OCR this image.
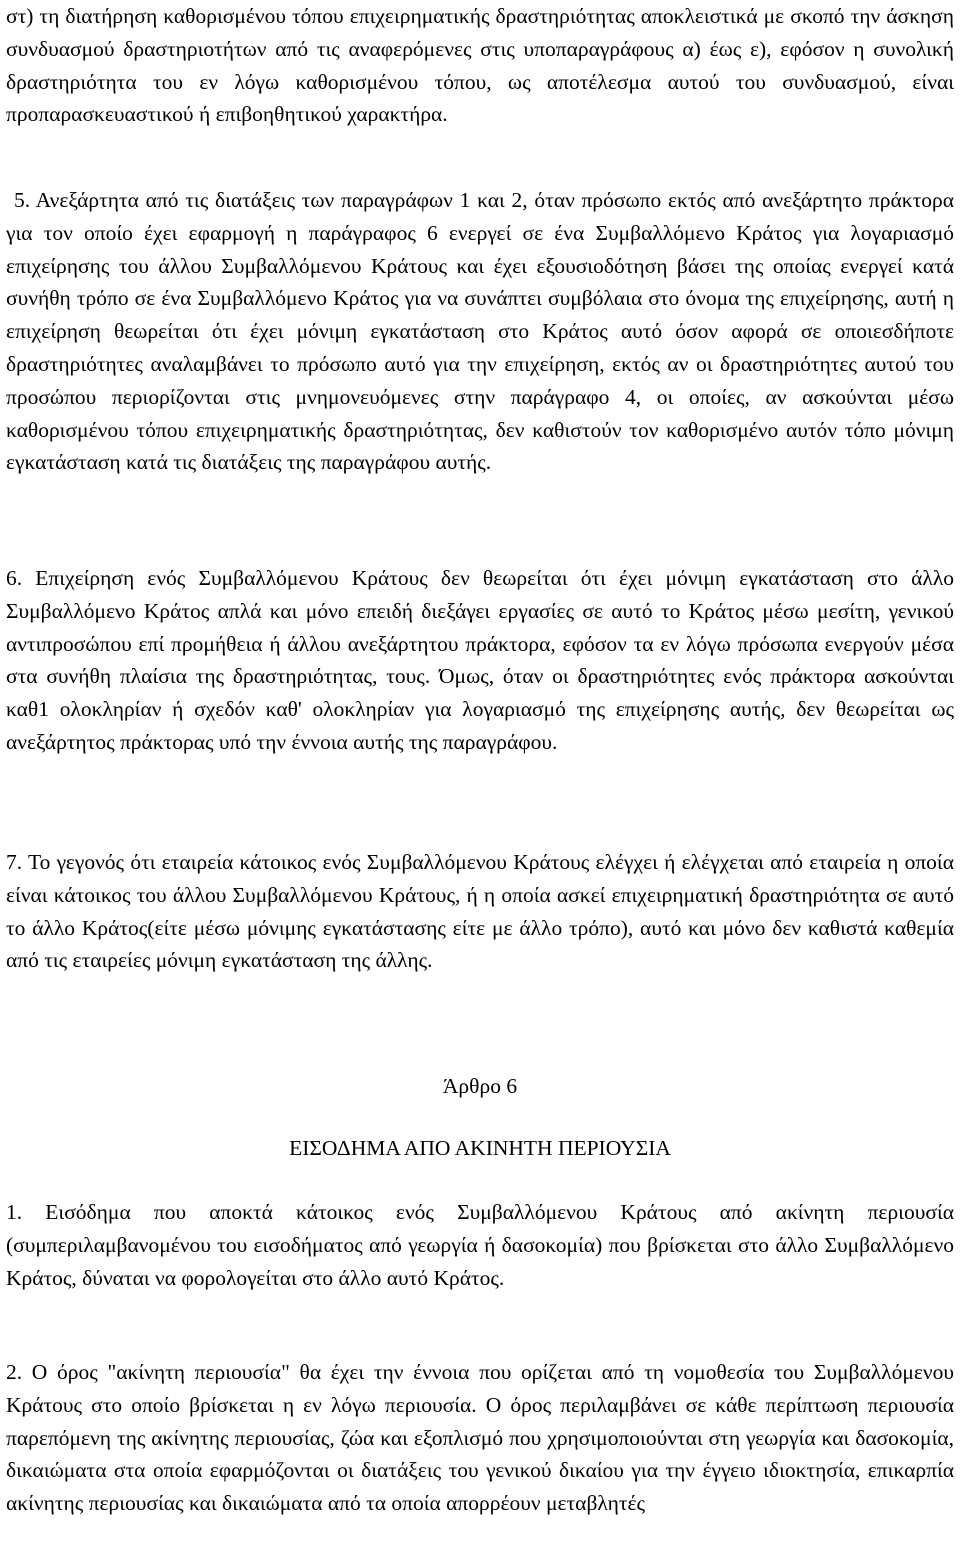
στ) τη διατήρηση καθορισμένου τόπου επιχειρηματικής δραστηριότητας αποκλειστικά με σκοπό την άσκηση συνδυασμού δραστηριοτήτων από τις αναφερόμενες στις υποπαραγράφους α) έως ε), εφόσον η συνολική δραστηριότητα του εν λόγω καθορισμένου τόπου, ως αποτέλεσμα αυτού του συνδυασμού, είναι προπαρασκευαστικού ή επιβοηθητικού χαρακτήρα.

5. Ανεξάρτητα από τις διατάξεις των παραγράφων 1 και 2, όταν πρόσωπο εκτός από ανεξάρτητο πράκτορα για τον οποίο έχει εφαρμογή η παράγραφος 6 ενεργεί σε ένα Συμβαλλόμενο Κράτος για λογαριασμό επιχείρησης του άλλου Συμβαλλόμενου Κράτους και έχει εξουσιοδότηση βάσει της οποίας ενεργεί κατά συνήθη τρόπο σε ένα Συμβαλλόμενο Κράτος για να συνάπτει συμβόλαια στο όνομα της επιχείρησης, αυτή η επιχείρηση θεωρείται ότι έχει μόνιμη εγκατάσταση στο Κράτος αυτό όσον αφορά σε οποιεσδήποτε δραστηριότητες αναλαμβάνει το πρόσωπο αυτό για την επιχείρηση, εκτός αν οι δραστηριότητες αυτού του προσώπου περιορίζονται στις μνημονευόμενες στην παράγραφο 4, οι οποίες, αν ασκούνται μέσω καθορισμένου τόπου επιχειρηματικής δραστηριότητας, δεν καθιστούν τον καθορισμένο αυτόν τόπο μόνιμη εγκατάσταση κατά τις διατάξεις της παραγράφου αυτής.

6. Επιχείρηση ενός Συμβαλλόμενου Κράτους δεν θεωρείται ότι έχει μόνιμη εγκατάσταση στο άλλο Συμβαλλόμενο Κράτος απλά και μόνο επειδή διεξάγει εργασίες σε αυτό το Κράτος μέσω μεσίτη, γενικού αντιπροσώπου επί προμήθεια ή άλλου ανεξάρτητου πράκτορα, εφόσον τα εν λόγω πρόσωπα ενεργούν μέσα στα συνήθη πλαίσια της δραστηριότητας, τους. Όμως, όταν οι δραστηριότητες ενός πράκτορα ασκούνται καθ1 ολοκληρίαν ή σχεδόν καθ' ολοκληρίαν για λογαριασμό της επιχείρησης αυτής, δεν θεωρείται ως ανεξάρτητος πράκτορας υπό την έννοια αυτής της παραγράφου.

7. Το γεγονός ότι εταιρεία κάτοικος ενός Συμβαλλόμενου Κράτους ελέγχει ή ελέγχεται από εταιρεία η οποία είναι κάτοικος του άλλου Συμβαλλόμενου Κράτους, ή η οποία ασκεί επιχειρηματική δραστηριότητα σε αυτό το άλλο Κράτος(είτε μέσω μόνιμης εγκατάστασης είτε με άλλο τρόπο), αυτό και μόνο δεν καθιστά καθεμία από τις εταιρείες μόνιμη εγκατάσταση της άλλης.

Άρθρο 6
ΕΙΣΟΔΗΜΑ ΑΠΟ ΑΚΙΝΗΤΗ ΠΕΡΙΟΥΣΙΑ

1. Εισόδημα που αποκτά κάτοικος ενός Συμβαλλόμενου Κράτους από ακίνητη περιουσία (συμπεριλαμβανομένου του εισοδήματος από γεωργία ή δασοκομία) που βρίσκεται στο άλλο Συμβαλλόμενο Κράτος, δύναται να φορολογείται στο άλλο αυτό Κράτος.

2. Ο όρος "ακίνητη περιουσία" θα έχει την έννοια που ορίζεται από τη νομοθεσία του Συμβαλλόμενου Κράτους στο οποίο βρίσκεται η εν λόγω περιουσία. Ο όρος περιλαμβάνει σε κάθε περίπτωση περιουσία παρεπόμενη της ακίνητης περιουσίας, ζώα και εξοπλισμό που χρησιμοποιούνται στη γεωργία και δασοκομία, δικαιώματα στα οποία εφαρμόζονται οι διατάξεις του γενικού δικαίου για την έγγειο ιδιοκτησία, επικαρπία ακίνητης περιουσίας και δικαιώματα από τα οποία απορρέουν μεταβλητές
